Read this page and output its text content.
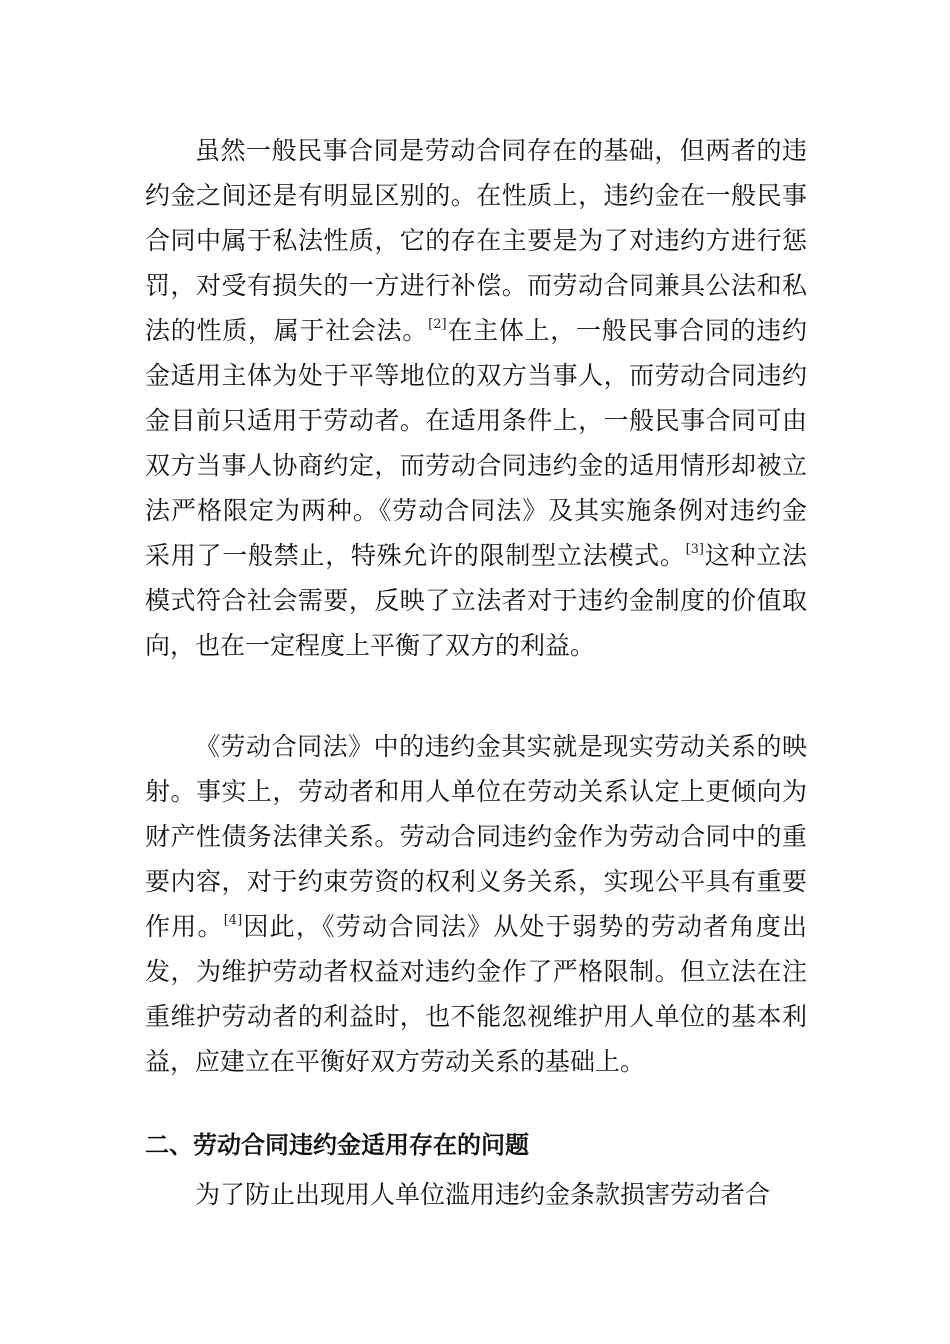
虽然一般民事合同是劳动合同存在的基础，但两者的违约金之间还是有明显区别的。在性质上，违约金在一般民事合同中属于私法性质，它的存在主要是为了对违约方进行惩罚，对受有损失的一方进行补偿。而劳动合同兼具公法和私法的性质，属于社会法。[2]在主体上，一般民事合同的违约金适用主体为处于平等地位的双方当事人，而劳动合同违约金目前只适用于劳动者。在适用条件上，一般民事合同可由双方当事人协商约定，而劳动合同违约金的适用情形却被立法严格限定为两种。《劳动合同法》及其实施条例对违约金采用了一般禁止，特殊允许的限制型立法模式。[3]这种立法模式符合社会需要，反映了立法者对于违约金制度的价值取向，也在一定程度上平衡了双方的利益。

《劳动合同法》中的违约金其实就是现实劳动关系的映射。事实上，劳动者和用人单位在劳动关系认定上更倾向为财产性债务法律关系。劳动合同违约金作为劳动合同中的重要内容，对于约束劳资的权利义务关系，实现公平具有重要作用。[4]因此，《劳动合同法》从处于弱势的劳动者角度出发，为维护劳动者权益对违约金作了严格限制。但立法在注重维护劳动者的利益时，也不能忽视维护用人单位的基本利益，应建立在平衡好双方劳动关系的基础上。

二、劳动合同违约金适用存在的问题

为了防止出现用人单位滥用违约金条款损害劳动者合
